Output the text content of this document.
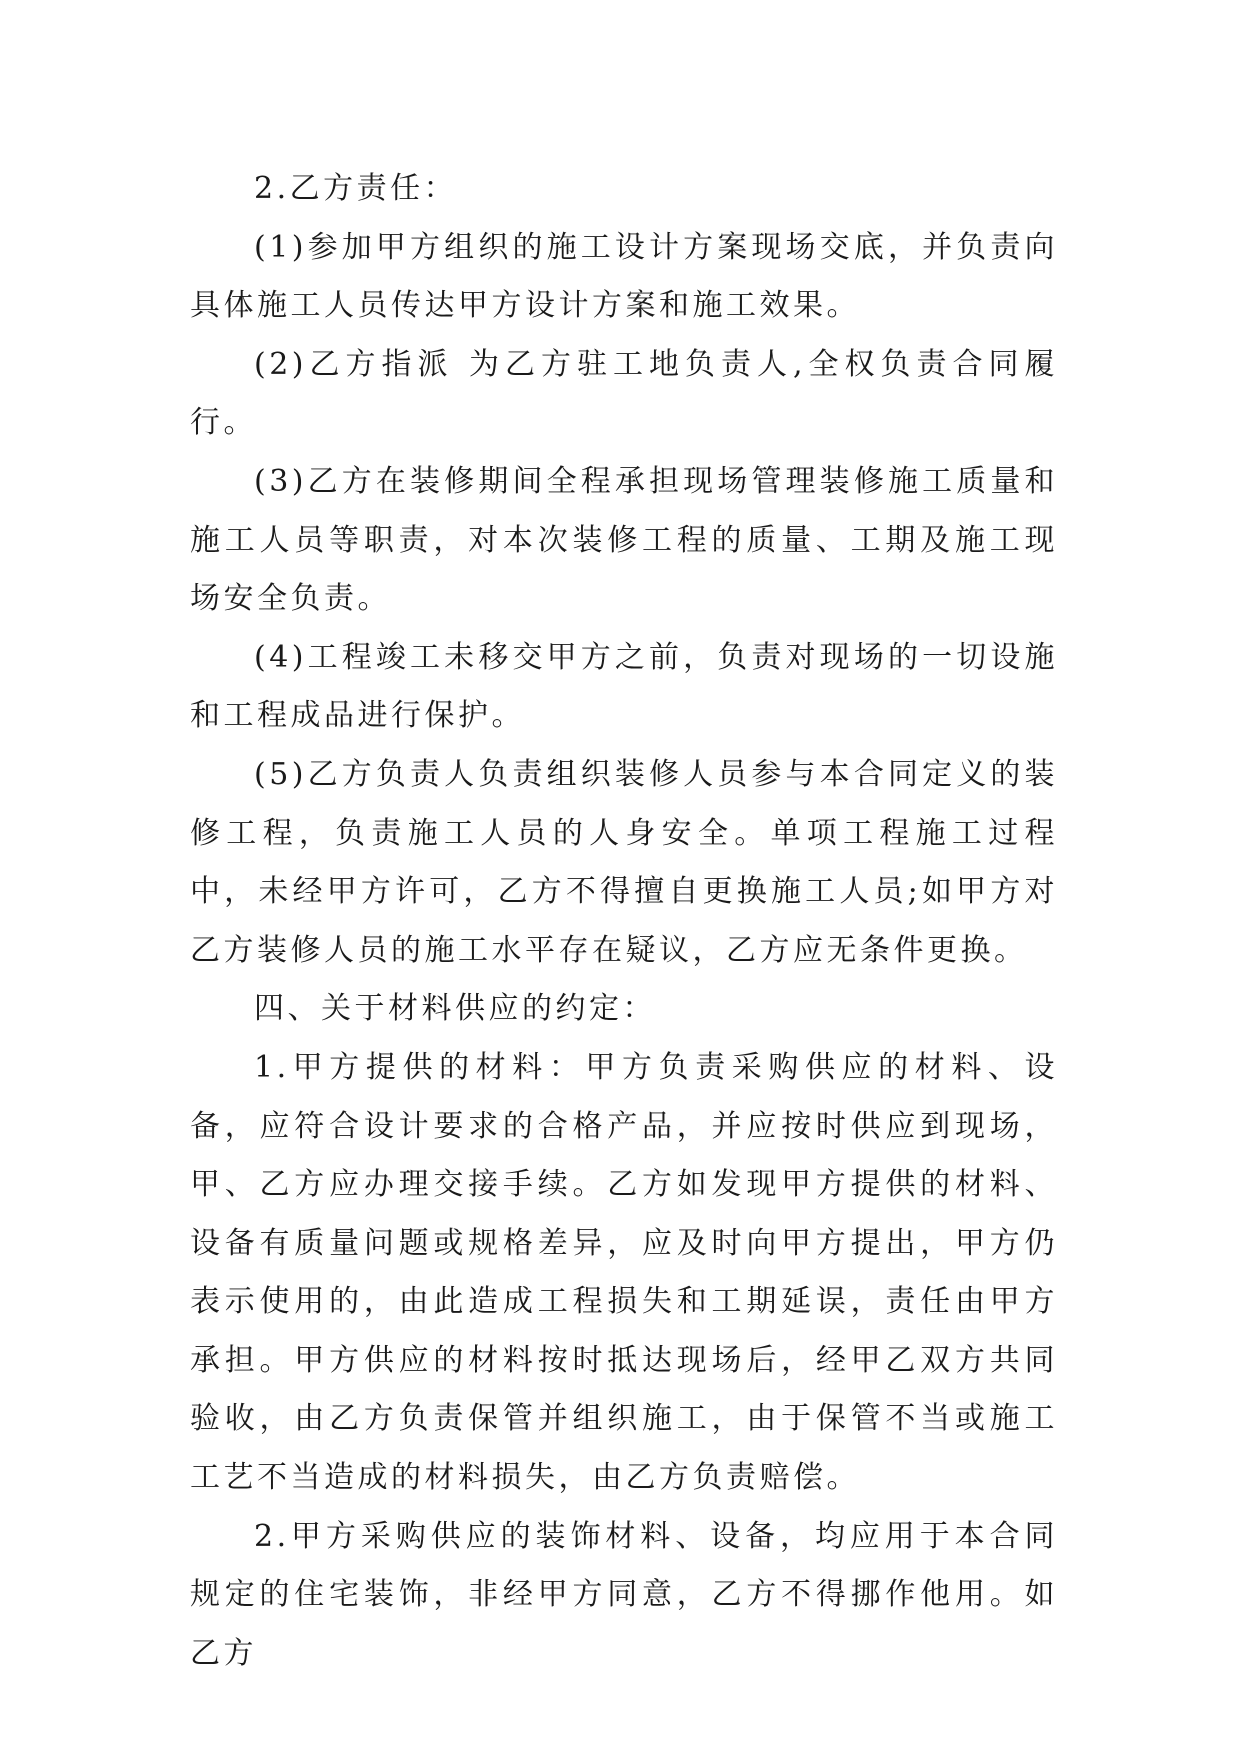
2.乙方责任：

(1)参加甲方组织的施工设计方案现场交底，并负责向具体施工人员传达甲方设计方案和施工效果。

(2)乙方指派 为乙方驻工地负责人,全权负责合同履行。

(3)乙方在装修期间全程承担现场管理装修施工质量和施工人员等职责，对本次装修工程的质量、工期及施工现场安全负责。

(4)工程竣工未移交甲方之前，负责对现场的一切设施和工程成品进行保护。

(5)乙方负责人负责组织装修人员参与本合同定义的装修工程，负责施工人员的人身安全。单项工程施工过程中，未经甲方许可，乙方不得擅自更换施工人员;如甲方对乙方装修人员的施工水平存在疑议，乙方应无条件更换。

四、关于材料供应的约定：

1.甲方提供的材料：甲方负责采购供应的材料、设备，应符合设计要求的合格产品，并应按时供应到现场，甲、乙方应办理交接手续。乙方如发现甲方提供的材料、设备有质量问题或规格差异，应及时向甲方提出，甲方仍表示使用的，由此造成工程损失和工期延误，责任由甲方承担。甲方供应的材料按时抵达现场后，经甲乙双方共同验收，由乙方负责保管并组织施工，由于保管不当或施工工艺不当造成的材料损失，由乙方负责赔偿。

2.甲方采购供应的装饰材料、设备，均应用于本合同规定的住宅装饰，非经甲方同意，乙方不得挪作他用。如乙方
